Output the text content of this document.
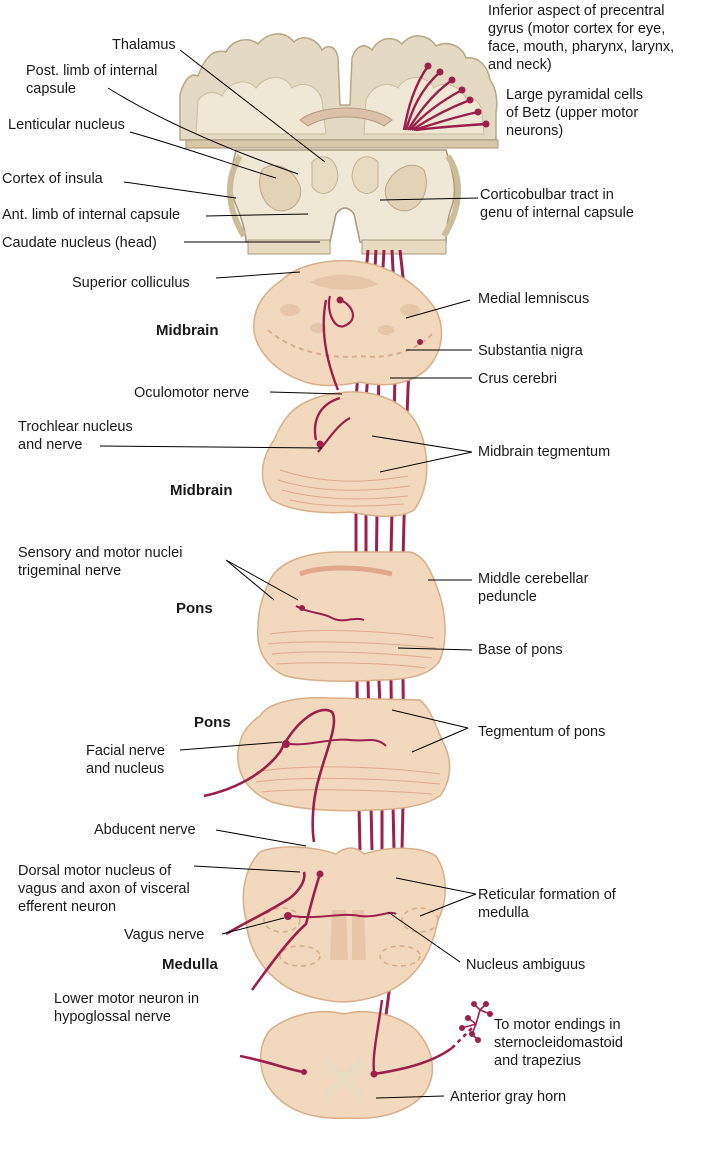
Inferior aspect of precentral
gyrus (motor cortex for eye,
face, mouth, pharynx, larynx,
and neck)
Large pyramidal cells
of Betz (upper motor
neurons)
Thalamus
Post. limb of internal
capsule
Lenticular nucleus
Cortex of insula
Ant. limb of internal capsule
Caudate nucleus (head)
Corticobulbar tract in
genu of internal capsule
Superior colliculus
Medial lemniscus
Midbrain
Substantia nigra
Crus cerebri
Oculomotor nerve
Trochlear nucleus
and nerve	Midbrain tegmentum
Midbrain
Sensory and motor nuclei
trigeminal nerve	Middle cerebellar
peduncle
Pons
Base of pons
Pons
Tegmentum of pons
Facial nerve
and nucleus
Abducent nerve
Dorsal motor nucleus of
vagus and axon of visceral
efferent neuron
Reticular formation of
medulla
Vagus nerve
Medulla	Nucleus ambiguus
Lower motor neuron in
hypoglossal nerve	To motor endings in
sternocleidomastoid
and trapezius
Anterior gray horn
